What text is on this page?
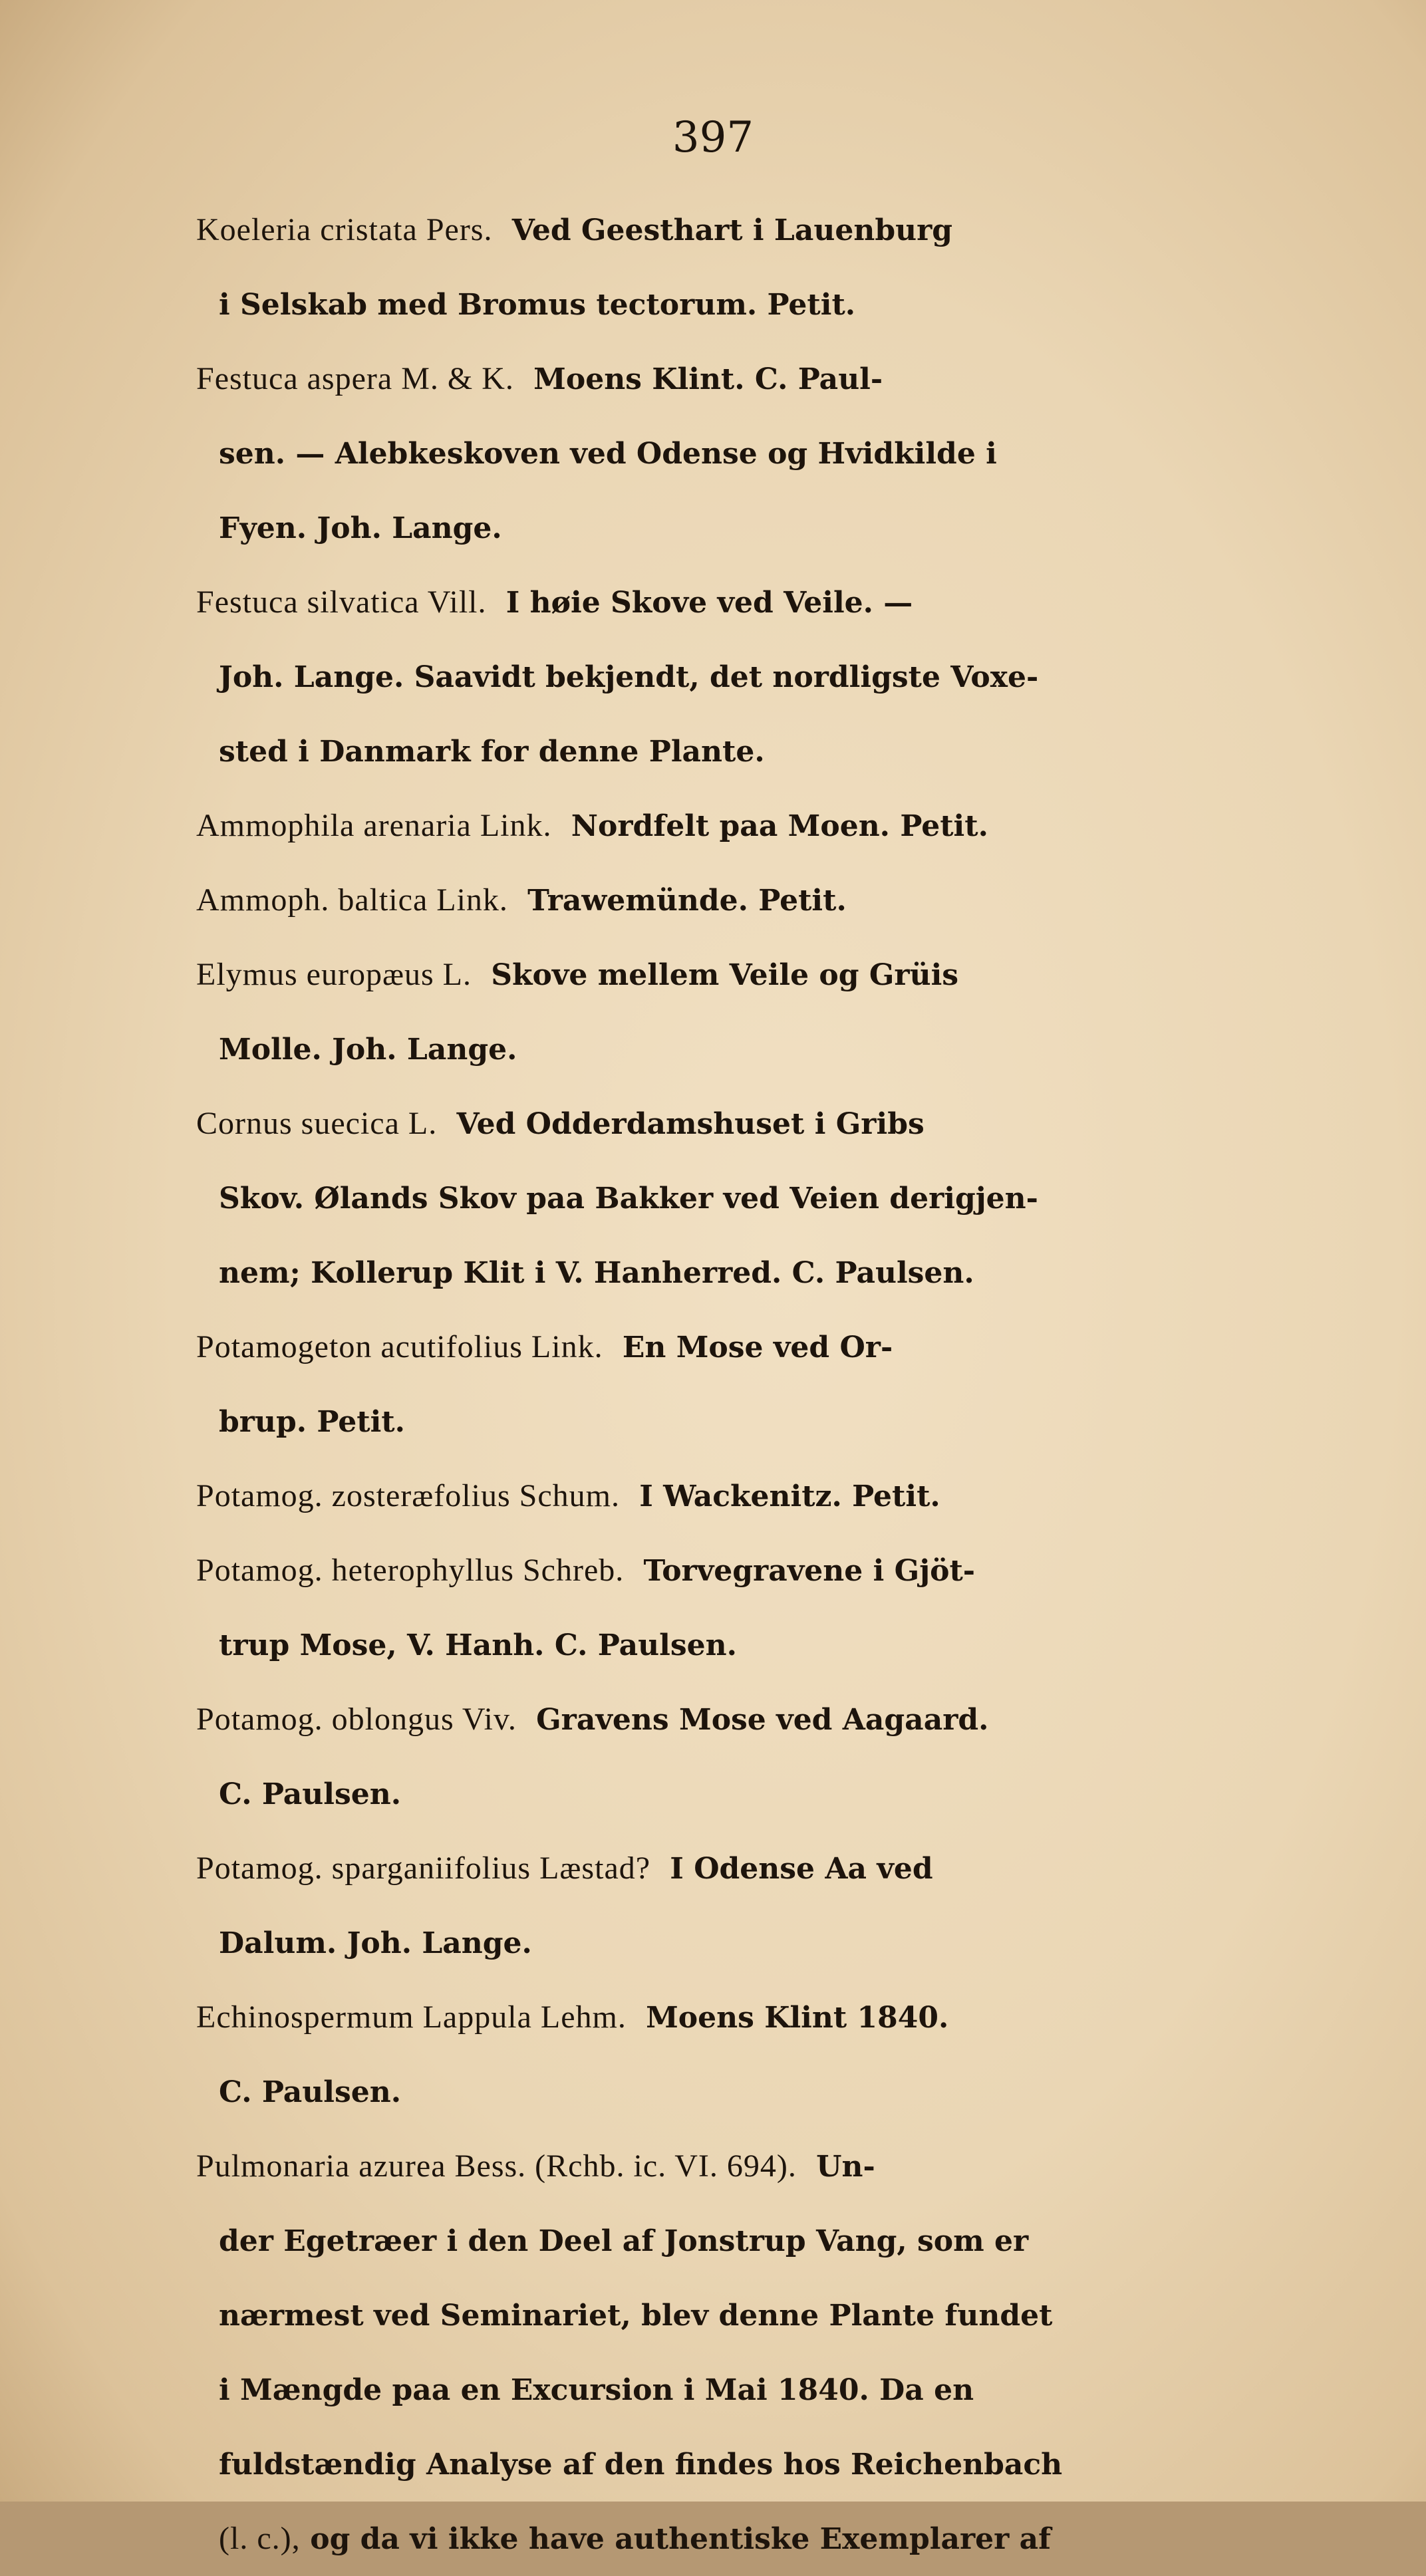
397
Koeleria cristata Pers. Ved Geesthart i Lauenburg
i Selskab med Bromus tectorum. Petit.
Festuca aspera M. & K. Moens Klint. C. Paul-
sen. — Alebkeskoven ved Odense og Hvidkilde i
Fyen. Joh. Lange.
Festuca silvatica Vill. I høie Skove ved Veile. —
Joh. Lange. Saavidt bekjendt, det nordligste Voxe-
sted i Danmark for denne Plante.
Ammophila arenaria Link. Nordfelt paa Moen. Petit.
Ammoph. baltica Link. Trawemünde. Petit.
Elymus europæus L. Skove mellem Veile og Grüis
Molle. Joh. Lange.
Cornus suecica L. Ved Odderdamshuset i Gribs
Skov. Ølands Skov paa Bakker ved Veien derigjen-
nem; Kollerup Klit i V. Hanherred. C. Paulsen.
Potamogeton acutifolius Link. En Mose ved Or-
brup. Petit.
Potamog. zosteræfolius Schum. I Wackenitz. Petit.
Potamog. heterophyllus Schreb. Torvegravene i Gjöt-
trup Mose, V. Hanh. C. Paulsen.
Potamog. oblongus Viv. Gravens Mose ved Aagaard.
C. Paulsen.
Potamog. sparganiifolius Læstad? I Odense Aa ved
Dalum. Joh. Lange.
Echinospermum Lappula Lehm. Moens Klint 1840.
C. Paulsen.
Pulmonaria azurea Bess. (Rchb. ic. VI. 694). Un-
der Egetræer i den Deel af Jonstrup Vang, som er
nærmest ved Seminariet, blev denne Plante fundet
i Mængde paa en Excursion i Mai 1840. Da en
fuldstændig Analyse af den findes hos Reichenbach
(l. c.), og da vi ikke have authentiske Exemplarer af
